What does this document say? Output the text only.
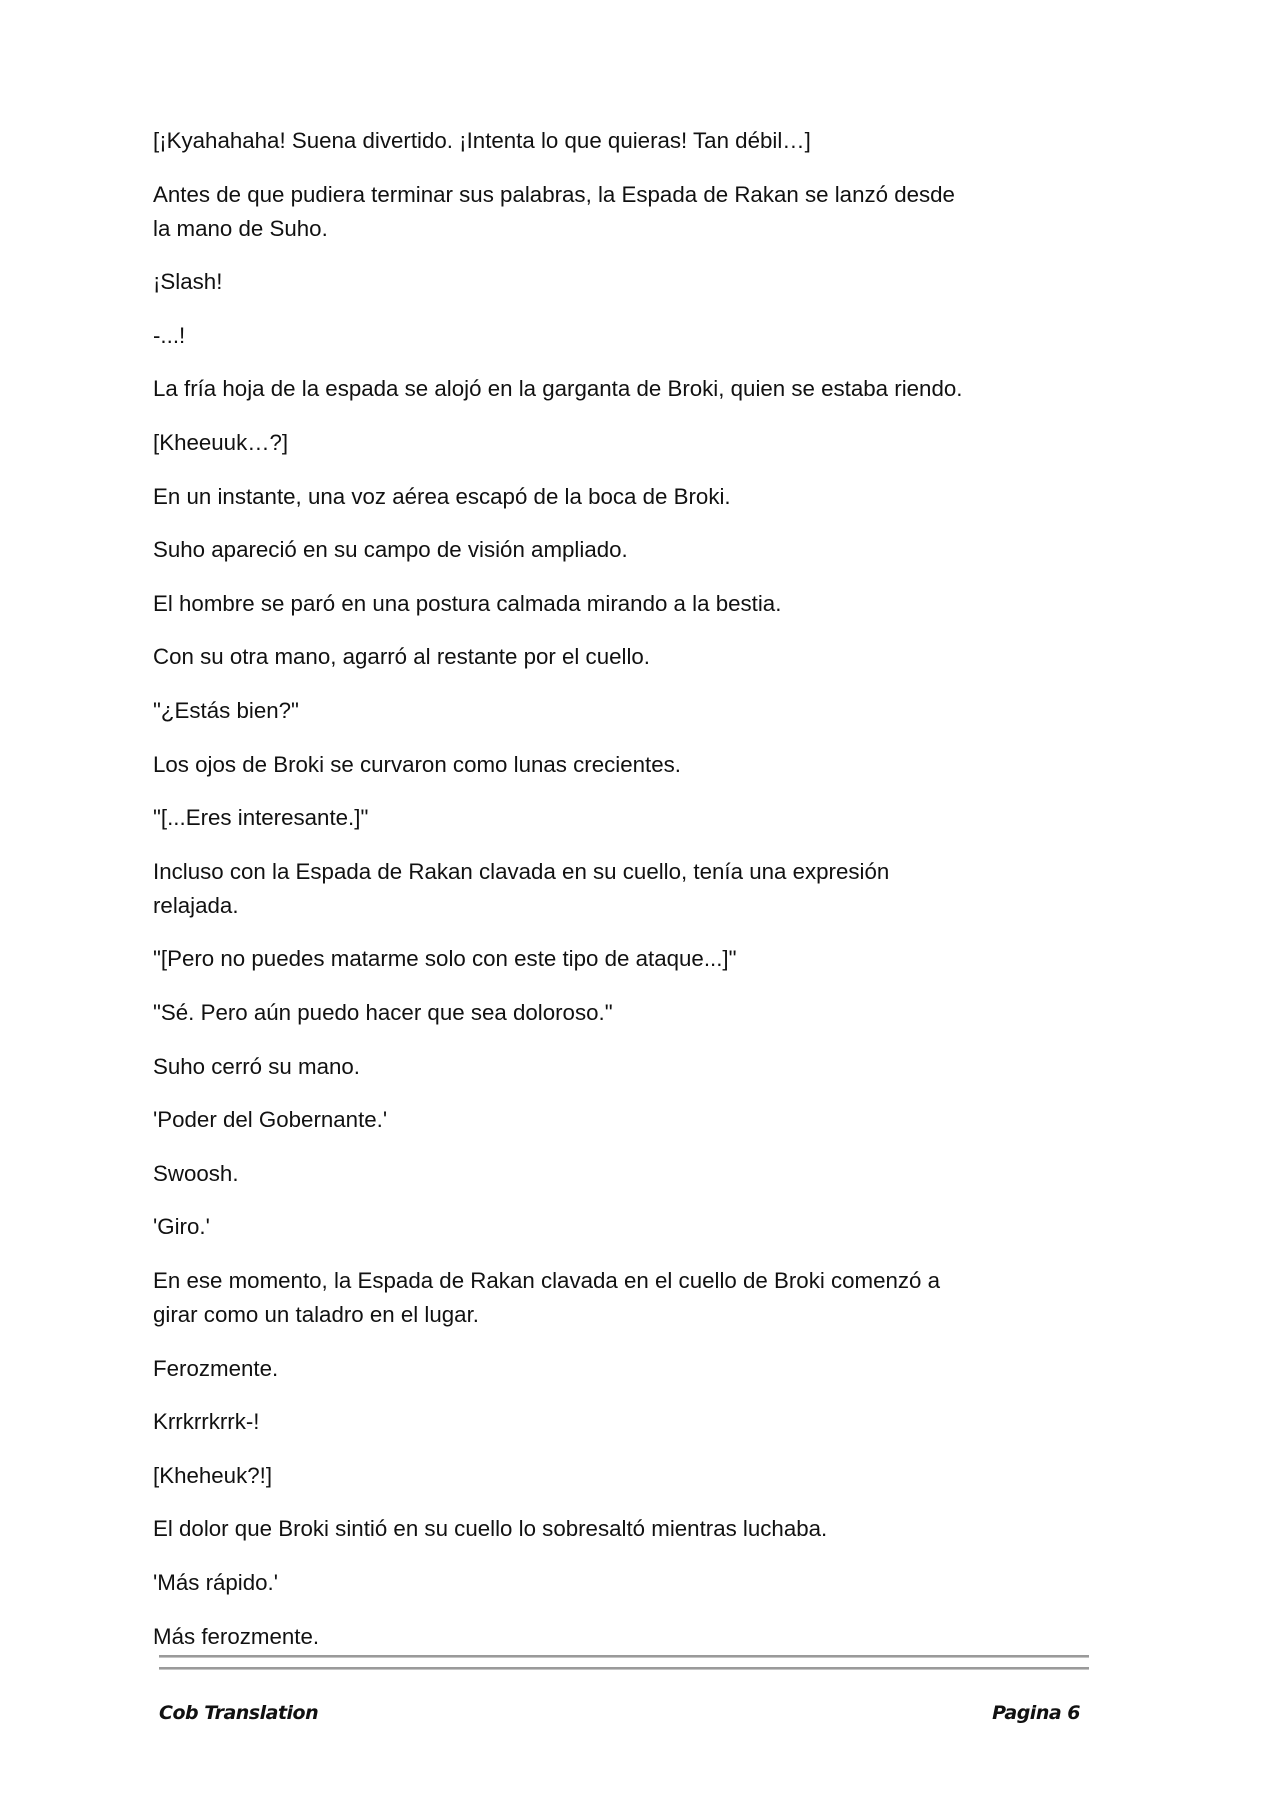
[¡Kyahahaha! Suena divertido. ¡Intenta lo que quieras! Tan débil…]
Antes de que pudiera terminar sus palabras, la Espada de Rakan se lanzó desde
la mano de Suho.
¡Slash!
-...!
La fría hoja de la espada se alojó en la garganta de Broki, quien se estaba riendo.
[Kheeuuk…?]
En un instante, una voz aérea escapó de la boca de Broki.
Suho apareció en su campo de visión ampliado.
El hombre se paró en una postura calmada mirando a la bestia.
Con su otra mano, agarró al restante por el cuello.
"¿Estás bien?"
Los ojos de Broki se curvaron como lunas crecientes.
"[...Eres interesante.]"
Incluso con la Espada de Rakan clavada en su cuello, tenía una expresión
relajada.
"[Pero no puedes matarme solo con este tipo de ataque...]"
"Sé. Pero aún puedo hacer que sea doloroso."
Suho cerró su mano.
'Poder del Gobernante.'
Swoosh.
'Giro.'
En ese momento, la Espada de Rakan clavada en el cuello de Broki comenzó a
girar como un taladro en el lugar.
Ferozmente.
Krrkrrkrrk-!
[Kheheuk?!]
El dolor que Broki sintió en su cuello lo sobresaltó mientras luchaba.
'Más rápido.'
Más ferozmente.
Cob Translation	Pagina 6
